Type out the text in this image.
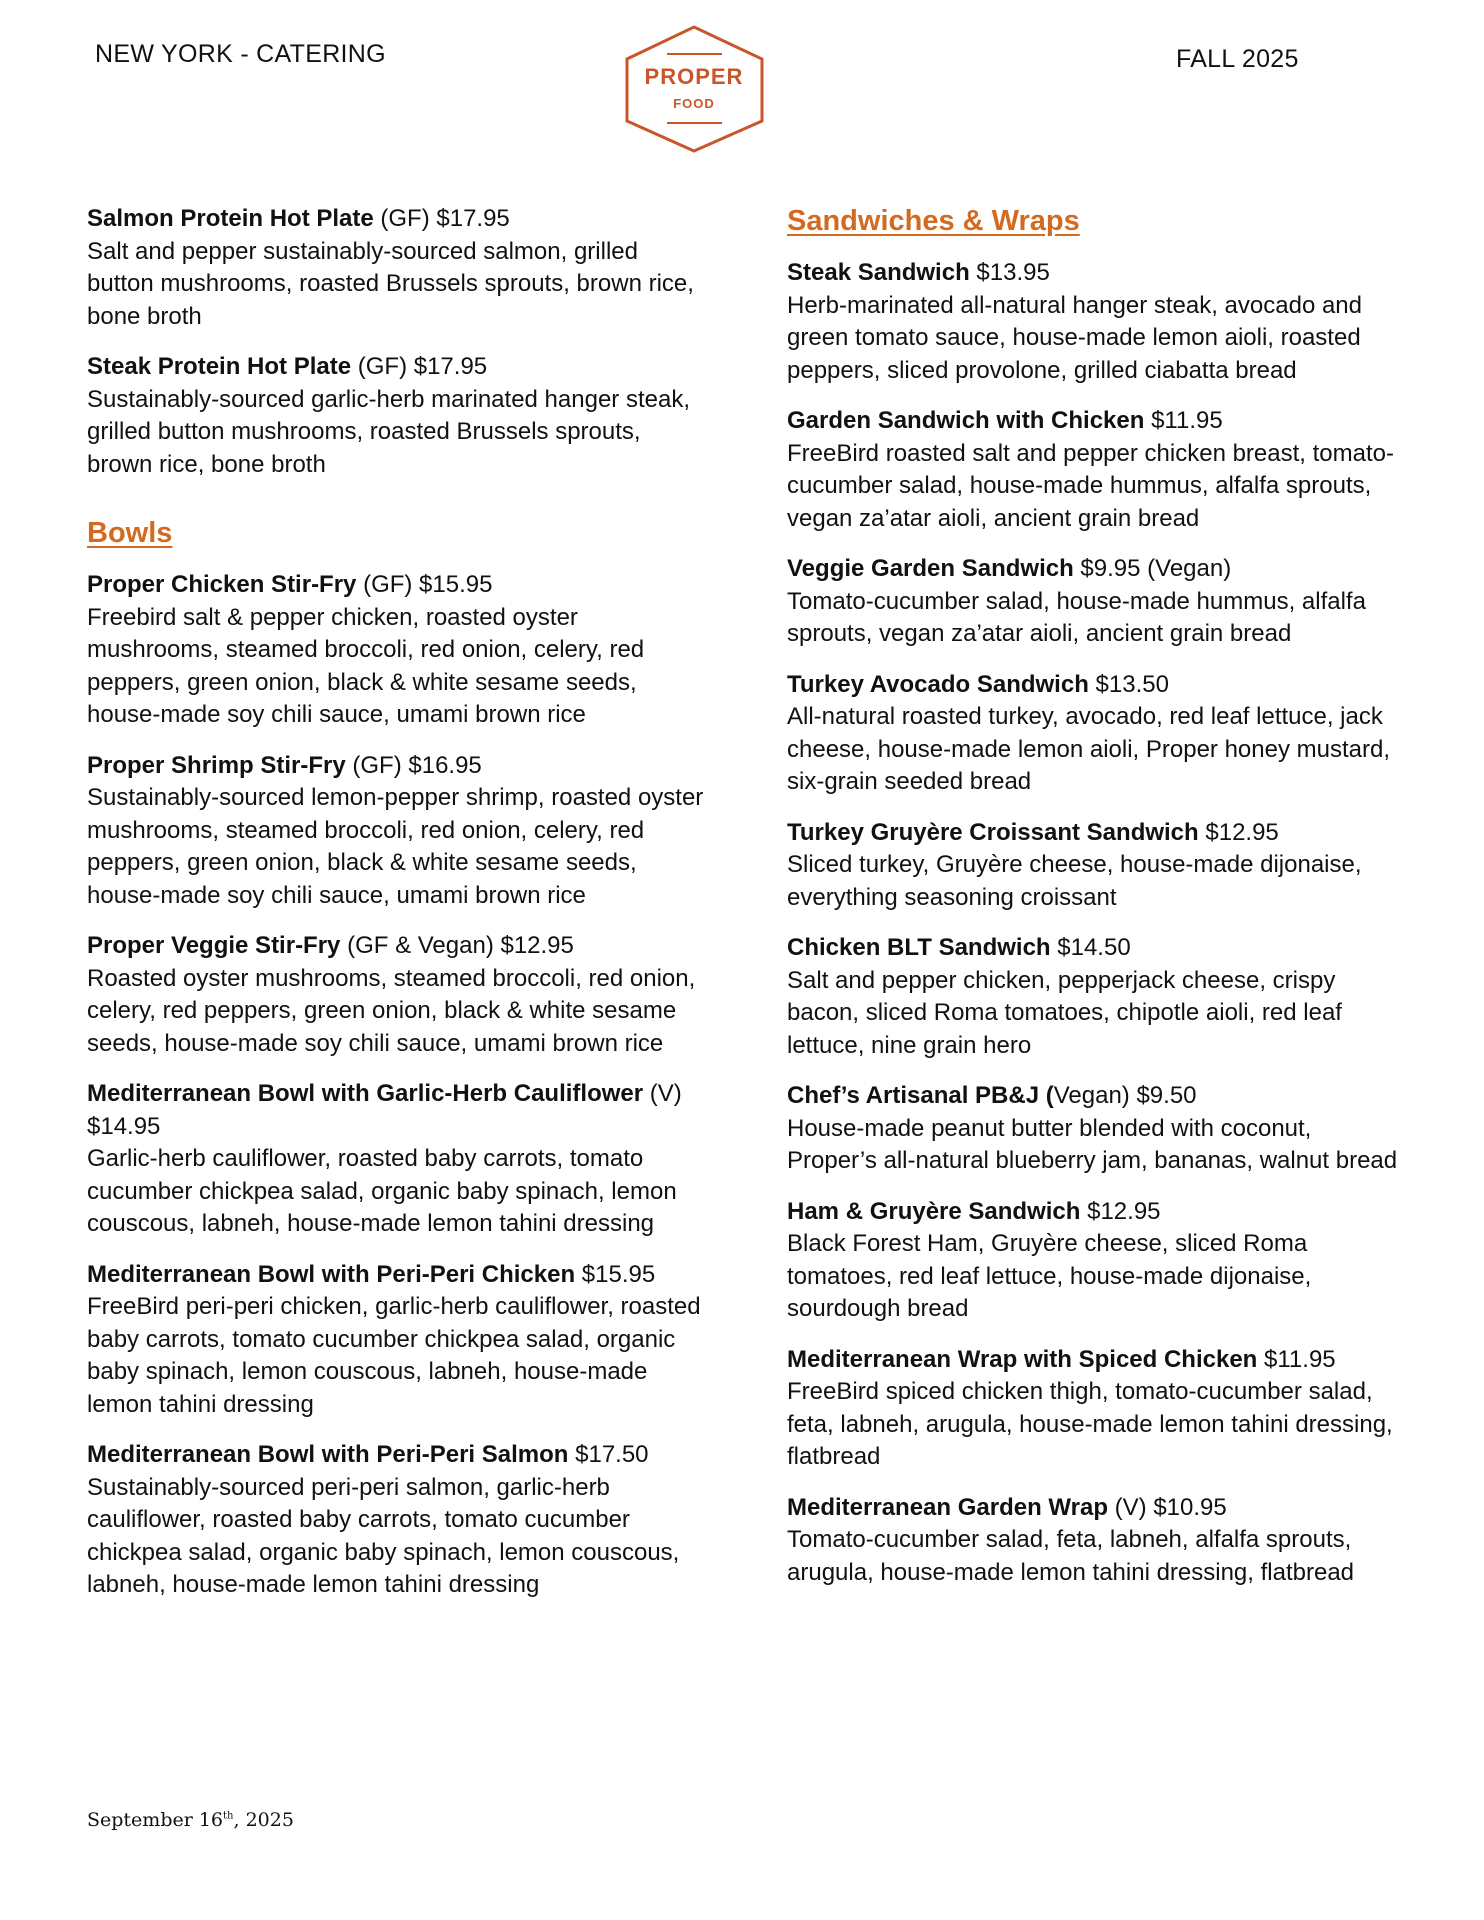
NEW YORK - CATERING
PROPER
FOOD
FALL 2025
Salmon Protein Hot Plate (GF) $17.95
Salt and pepper sustainably-sourced salmon, grilled button mushrooms, roasted Brussels sprouts, brown rice, bone broth
Steak Protein Hot Plate (GF) $17.95
Sustainably-sourced garlic-herb marinated hanger steak, grilled button mushrooms, roasted Brussels sprouts, brown rice, bone broth
Bowls
Proper Chicken Stir-Fry (GF) $15.95
Freebird salt & pepper chicken, roasted oyster mushrooms, steamed broccoli, red onion, celery, red peppers, green onion, black & white sesame seeds, house-made soy chili sauce, umami brown rice
Proper Shrimp Stir-Fry (GF) $16.95
Sustainably-sourced lemon-pepper shrimp, roasted oyster mushrooms, steamed broccoli, red onion, celery, red peppers, green onion, black & white sesame seeds, house-made soy chili sauce, umami brown rice
Proper Veggie Stir-Fry (GF & Vegan) $12.95
Roasted oyster mushrooms, steamed broccoli, red onion, celery, red peppers, green onion, black & white sesame seeds, house-made soy chili sauce, umami brown rice
Mediterranean Bowl with Garlic-Herb Cauliflower (V) $14.95
Garlic-herb cauliflower, roasted baby carrots, tomato cucumber chickpea salad, organic baby spinach, lemon couscous, labneh, house-made lemon tahini dressing
Mediterranean Bowl with Peri-Peri Chicken $15.95
FreeBird peri-peri chicken, garlic-herb cauliflower, roasted baby carrots, tomato cucumber chickpea salad, organic baby spinach, lemon couscous, labneh, house-made lemon tahini dressing
Mediterranean Bowl with Peri-Peri Salmon $17.50
Sustainably-sourced peri-peri salmon, garlic-herb cauliflower, roasted baby carrots, tomato cucumber chickpea salad, organic baby spinach, lemon couscous, labneh, house-made lemon tahini dressing
Sandwiches & Wraps
Steak Sandwich $13.95
Herb-marinated all-natural hanger steak, avocado and green tomato sauce, house-made lemon aioli, roasted peppers, sliced provolone, grilled ciabatta bread
Garden Sandwich with Chicken $11.95
FreeBird roasted salt and pepper chicken breast, tomato-cucumber salad, house-made hummus, alfalfa sprouts, vegan za’atar aioli, ancient grain bread
Veggie Garden Sandwich $9.95 (Vegan)
Tomato-cucumber salad, house-made hummus, alfalfa sprouts, vegan za’atar aioli, ancient grain bread
Turkey Avocado Sandwich $13.50
All-natural roasted turkey, avocado, red leaf lettuce, jack cheese, house-made lemon aioli, Proper honey mustard, six-grain seeded bread
Turkey Gruyère Croissant Sandwich $12.95
Sliced turkey, Gruyère cheese, house-made dijonaise, everything seasoning croissant
Chicken BLT Sandwich $14.50
Salt and pepper chicken, pepperjack cheese, crispy bacon, sliced Roma tomatoes, chipotle aioli, red leaf lettuce, nine grain hero
Chef’s Artisanal PB&J (Vegan) $9.50
House-made peanut butter blended with coconut, Proper’s all-natural blueberry jam, bananas, walnut bread
Ham & Gruyère Sandwich $12.95
Black Forest Ham, Gruyère cheese, sliced Roma tomatoes, red leaf lettuce, house-made dijonaise, sourdough bread
Mediterranean Wrap with Spiced Chicken $11.95
FreeBird spiced chicken thigh, tomato-cucumber salad, feta, labneh, arugula, house-made lemon tahini dressing, flatbread
Mediterranean Garden Wrap (V) $10.95
Tomato-cucumber salad, feta, labneh, alfalfa sprouts, arugula, house-made lemon tahini dressing, flatbread
September 16th, 2025
